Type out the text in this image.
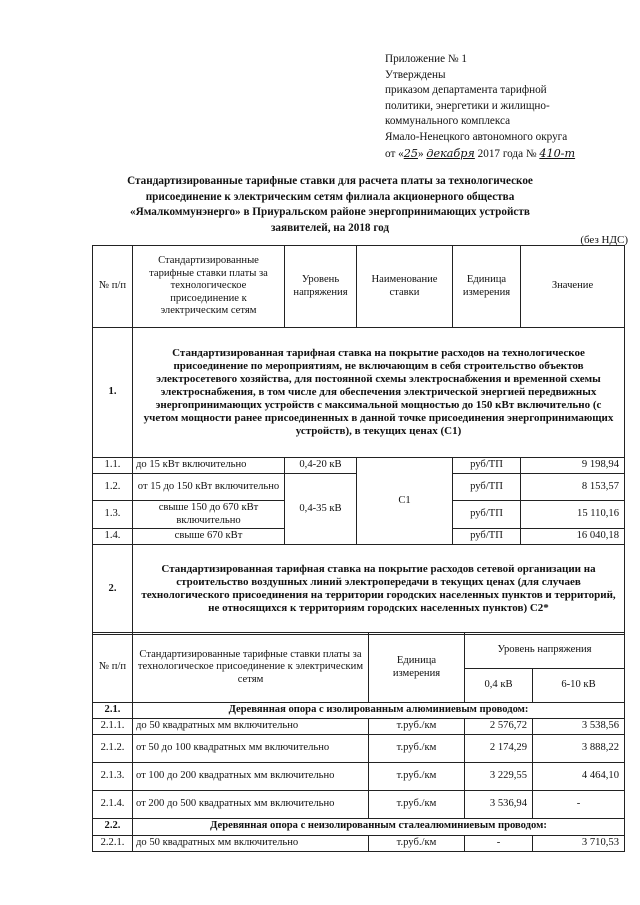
Приложение № 1
Утверждены
приказом департамента тарифной
политики, энергетики и жилищно-
коммунального комплекса
Ямало-Ненецкого автономного округа
от «25» декабря 2017 года № 410-т
Стандартизированные тарифные ставки для расчета платы за технологическое присоединение к электрическим сетям филиала акционерного общества «Ямалкоммунэнерго» в Приуральском районе энергопринимающих устройств заявителей, на 2018 год
(без НДС)
№ п/п	Стандартизированные тарифные ставки платы за технологическое присоединение к электрическим сетям	Уровень напряжения	Наименование ставки	Единица измерения	Значение
1.	Стандартизированная тарифная ставка на покрытие расходов на технологическое присоединение по мероприятиям, не включающим в себя строительство объектов электросетевого хозяйства, для постоянной схемы электроснабжения и временной схемы электроснабжения, в том числе для обеспечения электрической энергией передвижных энергопринимающих устройств с максимальной мощностью до 150 кВт включительно (с учетом мощности ранее присоединенных в данной точке присоединения энергопринимающих устройств), в текущих ценах (С1)				
1.1.	до 15 кВт включительно	0,4-20 кВ	С1	руб/ТП	9 198,94
1.2.	от 15 до 150 кВт включительно	0,4-35 кВ		руб/ТП	8 153,57
1.3.	свыше 150 до 670 кВт включительно			руб/ТП	15 110,16
1.4.	свыше 670 кВт			руб/ТП	16 040,18
2.	Стандартизированная тарифная ставка на покрытие расходов сетевой организации на строительство воздушных линий электропередачи в текущих ценах (для случаев технологического присоединения на территории городских населенных пунктов и территорий, не относящихся к территориям городских населенных пунктов) С2*				
№ п/п	Стандартизированные тарифные ставки платы за технологическое присоединение к электрическим сетям	Единица измерения	Уровень напряжения	
			0,4 кВ	6-10 кВ
2.1.	Деревянная опора с изолированным алюминиевым проводом:			
2.1.1.	до 50 квадратных мм включительно	т.руб./км	2 576,72	3 538,56
2.1.2.	от 50 до 100 квадратных мм включительно	т.руб./км	2 174,29	3 888,22
2.1.3.	от 100 до 200 квадратных мм включительно	т.руб./км	3 229,55	4 464,10
2.1.4.	от 200 до 500 квадратных мм включительно	т.руб./км	3 536,94	-
2.2.	Деревянная опора с неизолированным сталеалюминиевым проводом:			
2.2.1.	до 50 квадратных мм включительно	т.руб./км	-	3 710,53
